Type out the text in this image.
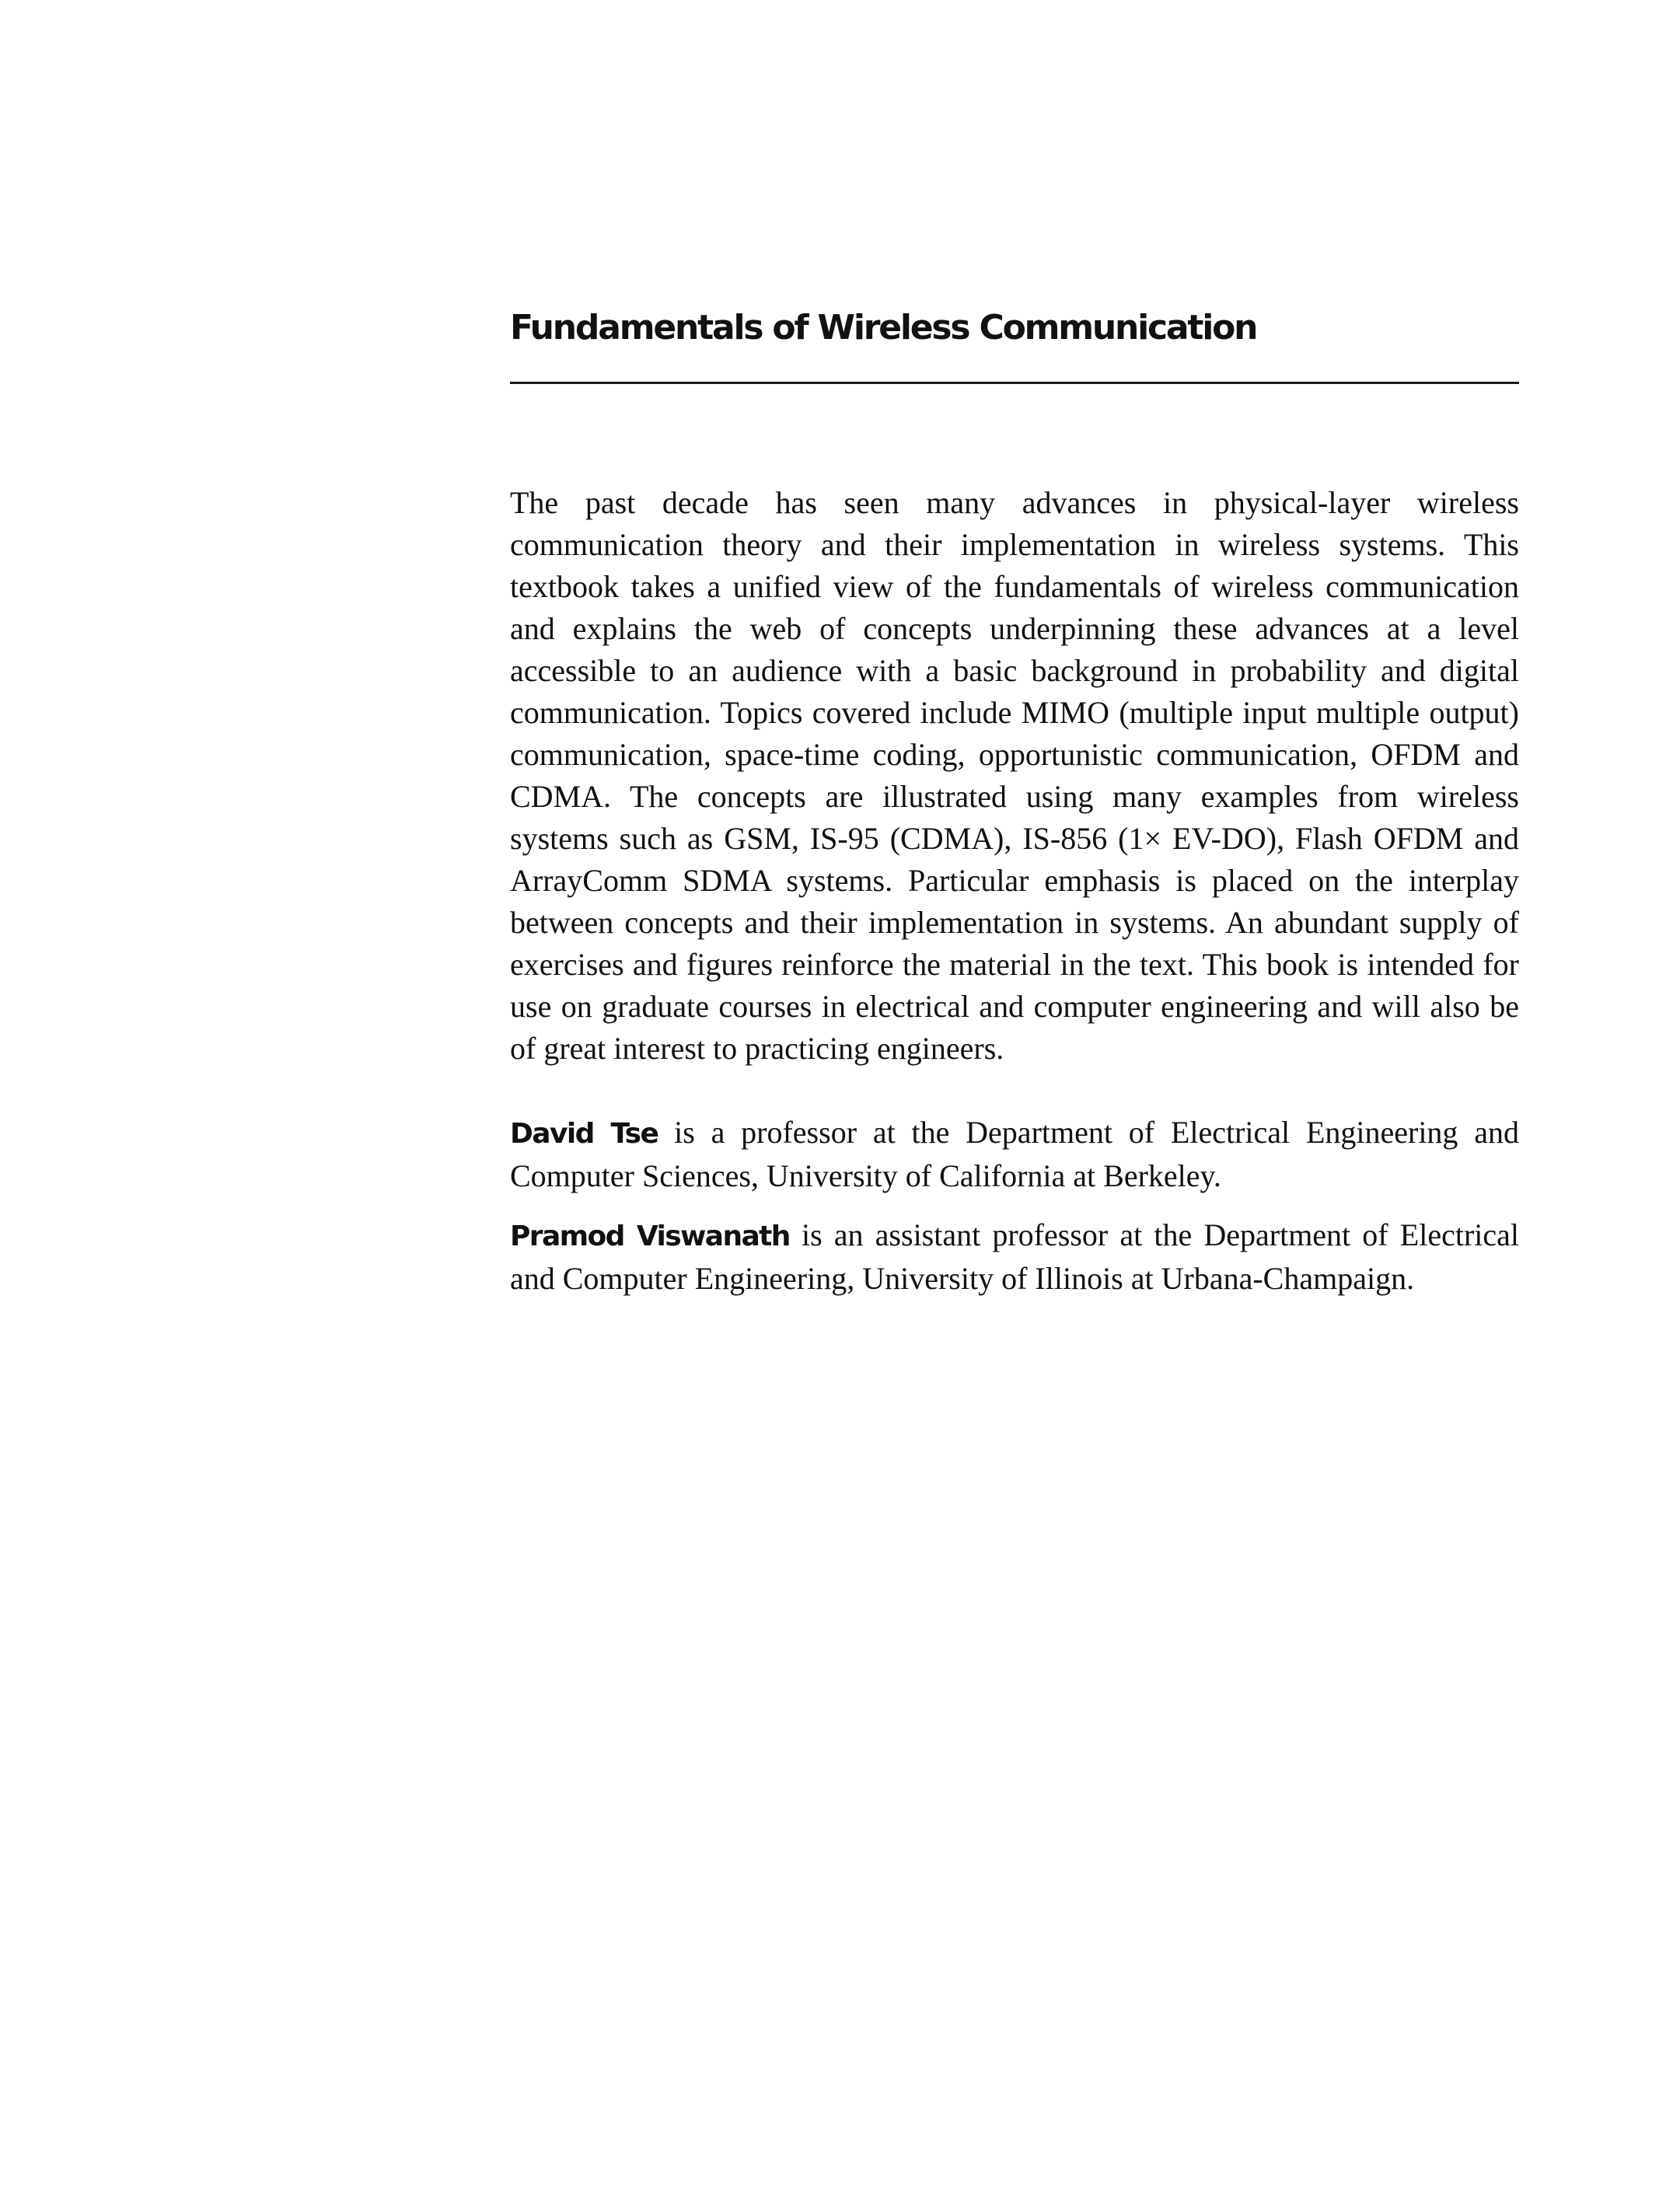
Fundamentals of Wireless Communication

The past decade has seen many advances in physical-layer wireless communication theory and their implementation in wireless systems. This textbook takes a unified view of the fundamentals of wireless communication and explains the web of concepts underpinning these advances at a level accessible to an audience with a basic background in probability and digital communication. Topics covered include MIMO (multiple input multiple output) communication, space-time coding, opportunistic communication, OFDM and CDMA. The concepts are illustrated using many examples from wireless systems such as GSM, IS-95 (CDMA), IS-856 (1× EV-DO), Flash OFDM and ArrayComm SDMA systems. Particular emphasis is placed on the interplay between concepts and their implementation in systems. An abundant supply of exercises and figures reinforce the material in the text. This book is intended for use on graduate courses in electrical and computer engineering and will also be of great interest to practicing engineers.

David Tse is a professor at the Department of Electrical Engineering and Computer Sciences, University of California at Berkeley.

Pramod Viswanath is an assistant professor at the Department of Electrical and Computer Engineering, University of Illinois at Urbana-Champaign.
